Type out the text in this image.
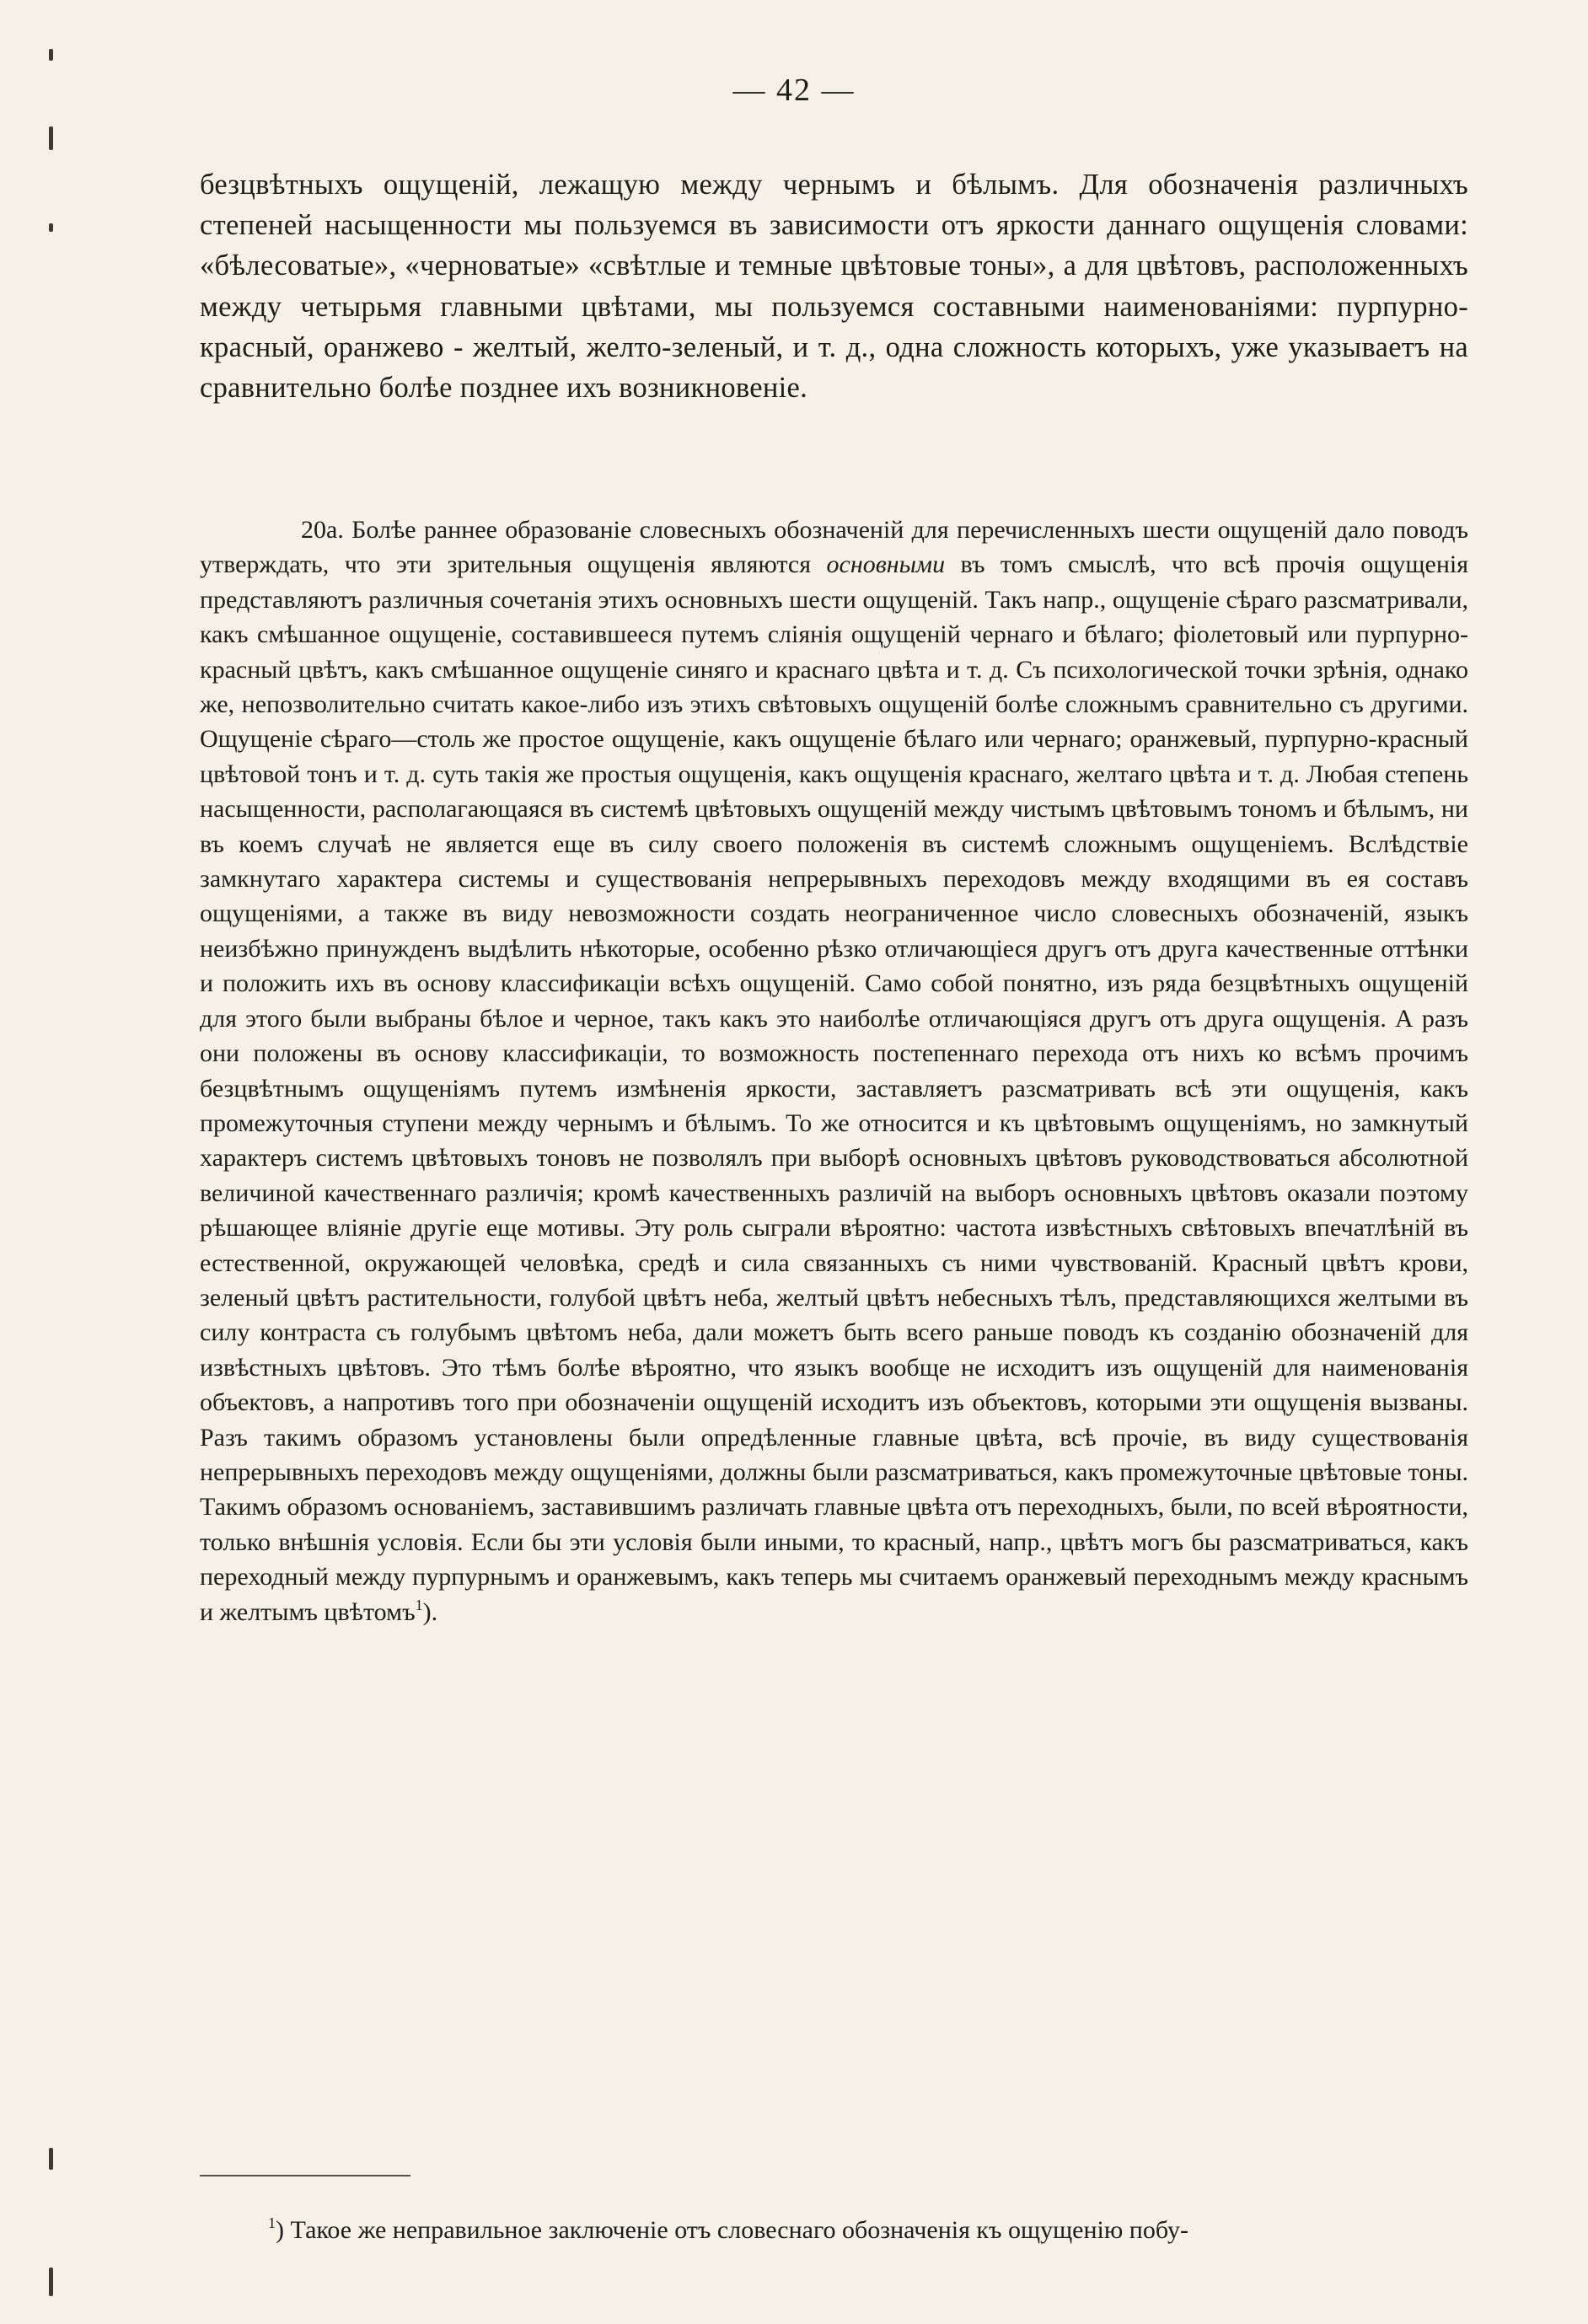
— 42 —
безцвѣтныхъ ощущеній, лежащую между чернымъ и бѣлымъ. Для обозначенія различныхъ степеней насыщенности мы пользуемся въ зависимости отъ яркости даннаго ощущенія словами: «бѣлесоватые», «черноватые» «свѣтлые и темные цвѣтовые тоны», а для цвѣтовъ, расположенныхъ между четырьмя главными цвѣтами, мы пользуемся составными наименованіями: пурпурно-красный, оранжево - желтый, желто-зеленый, и т. д., одна сложность которыхъ, уже указываетъ на сравнительно болѣе позднее ихъ возникновеніе.
20a. Болѣе раннее образованіе словесныхъ обозначеній для перечисленныхъ шести ощущеній дало поводъ утверждать, что эти зрительныя ощущенія являются основными въ томъ смыслѣ, что всѣ прочія ощущенія представляютъ различныя сочетанія этихъ основныхъ шести ощущеній. Такъ напр., ощущеніе сѣраго разсматривали, какъ смѣшанное ощущеніе, составившееся путемъ сліянія ощущеній чернаго и бѣлаго; фіолетовый или пурпурно-красный цвѣтъ, какъ смѣшанное ощущеніе синяго и краснаго цвѣта и т. д. Съ психологической точки зрѣнія, однако же, непозволительно считать какое-либо изъ этихъ свѣтовыхъ ощущеній болѣе сложнымъ сравнительно съ другими. Ощущеніе сѣраго—столь же простое ощущеніе, какъ ощущеніе бѣлаго или чернаго; оранжевый, пурпурно-красный цвѣтовой тонъ и т. д. суть такія же простыя ощущенія, какъ ощущенія краснаго, желтаго цвѣта и т. д. Любая степень насыщенности, располагающаяся въ системѣ цвѣтовыхъ ощущеній между чистымъ цвѣтовымъ тономъ и бѣлымъ, ни въ коемъ случаѣ не является еще въ силу своего положенія въ системѣ сложнымъ ощущеніемъ. Вслѣдствіе замкнутаго характера системы и существованія непрерывныхъ переходовъ между входящими въ ея составъ ощущеніями, а также въ виду невозможности создать неограниченное число словесныхъ обозначеній, языкъ неизбѣжно принужденъ выдѣлить нѣкоторые, особенно рѣзко отличающіеся другъ отъ друга качественные оттѣнки и положить ихъ въ основу классификаціи всѣхъ ощущеній. Само собой понятно, изъ ряда безцвѣтныхъ ощущеній для этого были выбраны бѣлое и черное, такъ какъ это наиболѣе отличающіяся другъ отъ друга ощущенія. А разъ они положены въ основу классификаціи, то возможность постепеннаго перехода отъ нихъ ко всѣмъ прочимъ безцвѣтнымъ ощущеніямъ путемъ измѣненія яркости, заставляетъ разсматривать всѣ эти ощущенія, какъ промежуточныя ступени между чернымъ и бѣлымъ. То же относится и къ цвѣтовымъ ощущеніямъ, но замкнутый характеръ системъ цвѣтовыхъ тоновъ не позволялъ при выборѣ основныхъ цвѣтовъ руководствоваться абсолютной величиной качественнаго различія; кромѣ качественныхъ различій на выборъ основныхъ цвѣтовъ оказали поэтому рѣшающее вліяніе другіе еще мотивы. Эту роль сыграли вѣроятно: частота извѣстныхъ свѣтовыхъ впечатлѣній въ естественной, окружающей человѣка, средѣ и сила связанныхъ съ ними чувствованій. Красный цвѣтъ крови, зеленый цвѣтъ растительности, голубой цвѣтъ неба, желтый цвѣтъ небесныхъ тѣлъ, представляющихся желтыми въ силу контраста съ голубымъ цвѣтомъ неба, дали можетъ быть всего раньше поводъ къ созданію обозначеній для извѣстныхъ цвѣтовъ. Это тѣмъ болѣе вѣроятно, что языкъ вообще не исходитъ изъ ощущеній для наименованія объектовъ, а напротивъ того при обозначеніи ощущеній исходитъ изъ объектовъ, которыми эти ощущенія вызваны. Разъ такимъ образомъ установлены были опредѣленные главные цвѣта, всѣ прочіе, въ виду существованія непрерывныхъ переходовъ между ощущеніями, должны были разсматриваться, какъ промежуточные цвѣтовые тоны. Такимъ образомъ основаніемъ, заставившимъ различать главные цвѣта отъ переходныхъ, были, по всей вѣроятности, только внѣшнія условія. Если бы эти условія были иными, то красный, напр., цвѣтъ могъ бы разсматриваться, какъ переходный между пурпурнымъ и оранжевымъ, какъ теперь мы считаемъ оранжевый переходнымъ между краснымъ и желтымъ цвѣтомъ$^1$).
$^1$) Такое же неправильное заключеніе отъ словеснаго обозначенія къ ощущенію побу-
